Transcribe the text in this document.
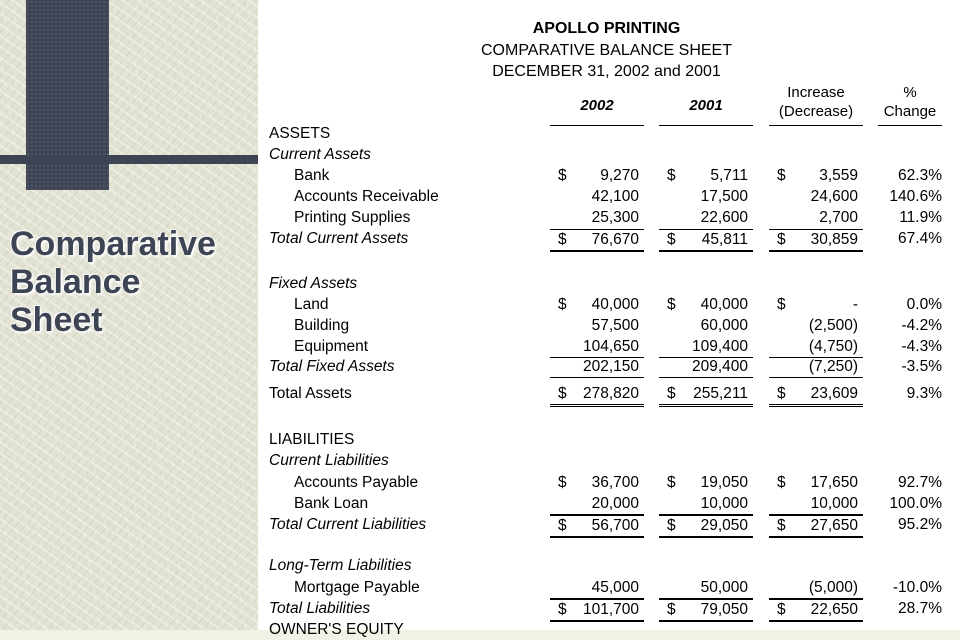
Comparative
Balance
Sheet
APOLLO PRINTING
COMPARATIVE BALANCE SHEET
DECEMBER 31, 2002 and 2001
2002	2001
Increase
(Decrease)
%
Change
ASSETS
Current Assets
Bank	$ 9,270 $ 5,711 $ 3,559	62.3%
Accounts Receivable	42,100	17,500	24,600	140.6%
Printing Supplies	25,300	22,600	2,700	11.9%
Total Current Assets	$ 76,670 $ 45,811 $ 30,859	67.4%
Fixed Assets
Land	$ 40,000 $ 40,000 $	-	0.0%
Building	57,500	60,000	(2,500)	-4.2%
Equipment	104,650	109,400	(4,750)	-4.3%
Total Fixed Assets	202,150	209,400	(7,250)	-3.5%
Total Assets	$ 278,820 $ 255,211 $ 23,609	9.3%
LIABILITIES
Current Liabilities
Accounts Payable	$ 36,700 $ 19,050 $ 17,650	92.7%
Bank Loan	20,000	10,000	10,000	100.0%
Total Current Liabilities	$ 56,700 $ 29,050 $ 27,650	95.2%
Long-Term Liabilities
Mortgage Payable	45,000	50,000	(5,000)	-10.0%
Total Liabilities	$ 101,700 $ 79,050 $ 22,650	28.7%
OWNER'S EQUITY
